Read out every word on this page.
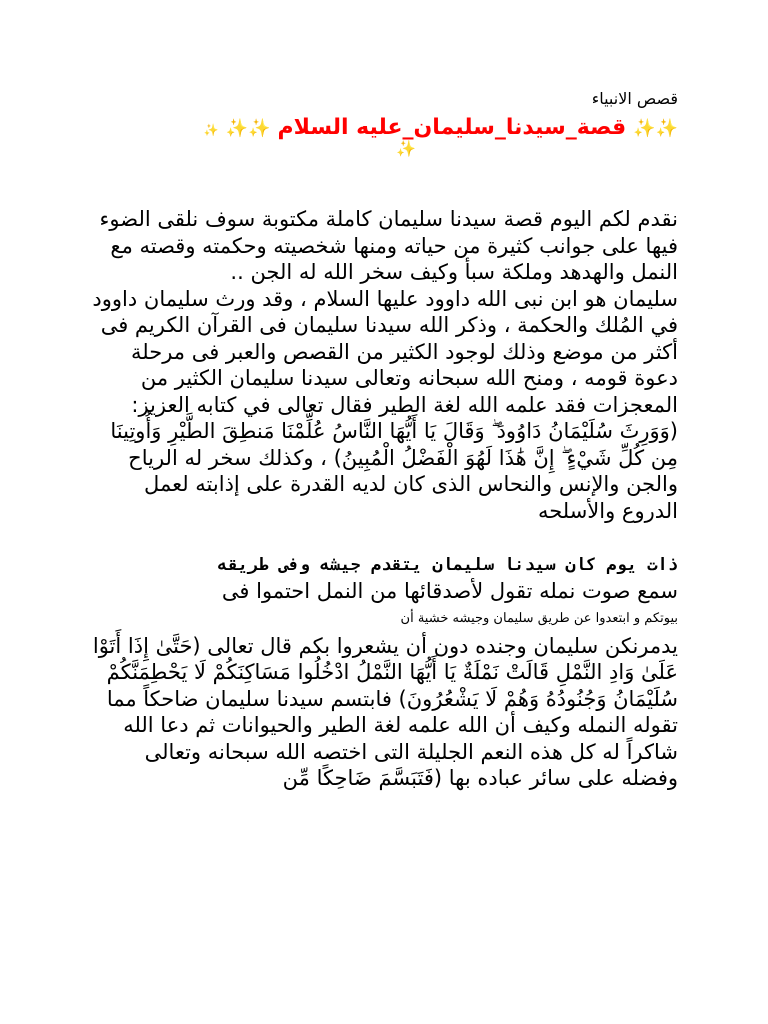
قصص الانبياء
✨✨ قصة_سيدنا_سليمان_عليه السلام ✨✨ ✨
✨

نقدم لكم اليوم قصة سيدنا سليمان كاملة مكتوبة سوف نلقى الضوء فيها على جوانب كثيرة من حياته ومنها شخصيته وحكمته وقصته مع النمل والهدهد وملكة سبأ وكيف سخر الله له الجن ..

سليمان هو ابن نبى الله داوود عليها السلام ، وقد ورث سليمان داوود في المُلك والحكمة ، وذكر الله سيدنا سليمان فى القرآن الكريم فى أكثر من موضع وذلك لوجود الكثير من القصص والعبر فى مرحلة دعوة قومه ، ومنح الله سبحانه وتعالى سيدنا سليمان الكثير من المعجزات فقد علمه الله لغة الطير فقال تعالى في كتابه العزيز: (وَوَرِثَ سُلَيْمَانُ دَاوُودَ ۖ وَقَالَ يَا أَيُّهَا النَّاسُ عُلِّمْنَا مَنطِقَ الطَّيْرِ وَأُوتِينَا مِن كُلِّ شَيْءٍ ۖ إِنَّ هَٰذَا لَهُوَ الْفَضْلُ الْمُبِينُ) ، وكذلك سخر له الرياح والجن والإنس والنحاس الذى كان لديه القدرة على إذابته لعمل الدروع والأسلحه

ذات يوم كان سيدنا سليمان يتقدم جيشه وفى طريقه

سمع صوت نمله تقول لأصدقائها من النمل احتموا فى

بيوتكم و ابتعدوا عن طريق سليمان وجيشه خشية أن

يدمرنكن سليمان وجنده دون أن يشعروا بكم قال تعالى (حَتَّىٰ إِذَا أَتَوْا عَلَىٰ وَادِ النَّمْلِ قَالَتْ نَمْلَةٌ يَا أَيُّهَا النَّمْلُ ادْخُلُوا مَسَاكِنَكُمْ لَا يَحْطِمَنَّكُمْ سُلَيْمَانُ وَجُنُودُهُ وَهُمْ لَا يَشْعُرُونَ) فابتسم سيدنا سليمان ضاحكاً مما تقوله النمله وكيف أن الله علمه لغة الطير والحيوانات ثم دعا الله شاكراً له كل هذه النعم الجليلة التى اختصه الله سبحانه وتعالى وفضله على سائر عباده بها (فَتَبَسَّمَ ضَاحِكًا مِّن
